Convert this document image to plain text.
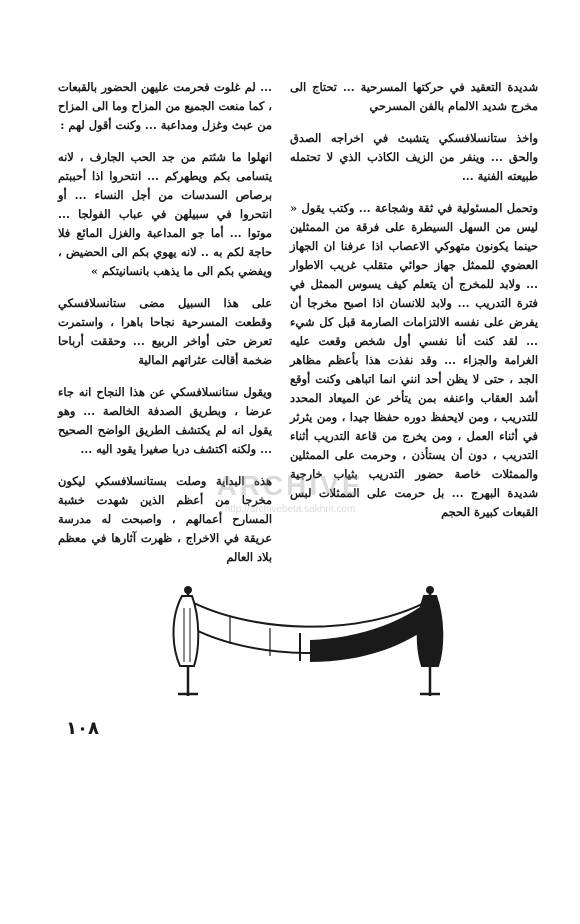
شديدة التعقيد في حركتها المسرحية ... تحتاج الى مخرج شديد الالمام بالفن المسرحي

واخذ ستانسلافسكي يتشبث في اخراجه الصدق والحق ... وينفر من الزيف الكاذب الذي لا تحتمله طبيعته الفنية ...

وتحمل المسئولية في ثقة وشجاعة ... وكتب يقول « ليس من السهل السيطرة على فرقة من الممثلين حينما يكونون متهوكي الاعصاب اذا عرفنا ان الجهاز العضوي للممثل جهاز حوائي متقلب غريب الاطوار ... ولابد للمخرج أن يتعلم كيف يسوس الممثل في فترة التدريب ... ولابد للانسان اذا اصبح مخرجا أن يفرض على نفسه الالتزامات الصارمة قبل كل شيء ... لقد كنت أنا نفسي أول شخص وقعت عليه الغرامة والجزاء ... وقد نفذت هذا بأعظم مظاهر الجد ، حتى لا يظن أحد انني انما اتباهى وكنت أوقع أشد العقاب واعنفه بمن يتأخر عن الميعاد المحدد للتدريب ، ومن لايحفظ دوره حفظا جيدا ، ومن يثرثر في أثناء العمل ، ومن يخرج من قاعة التدريب أثناء التدريب ، دون أن يستأذن ، وحرمت على الممثلين والممثلات خاصة حضور التدريب بثياب خارجية شديدة البهرج ... بل حرمت على الممثلات لبس القبعات كبيرة الحجم

... لم غلوت فحرمت عليهن الحضور بالقبعات ، كما منعت الجميع من المزاح وما الى المزاح من عبث وغزل ومداعبة ... وكنت أقول لهم :

انهلوا ما شئتم من جد الحب الجارف ، لانه يتسامى بكم ويطهركم ... انتحروا اذا أحببتم برصاص السدسات من أجل النساء ... أو انتحروا في سبيلهن في عباب الفولجا ... موتوا ... أما جو المداعبة والغزل المائع فلا حاجة لكم به .. لانه يهوي بكم الى الحضيض ، ويفضي بكم الى ما يذهب بانسانيتكم »

على هذا السبيل مضى ستانسلافسكي وقطعت المسرحية نجاحا باهرا ، واستمرت تعرض حتى أواخر الربيع ... وحققت أرباحا ضخمة أقالت عثراتهم المالية

ويقول ستانسلافسكي عن هذا النجاح انه جاء عرضا ، وبطريق الصدفة الخالصة ... وهو يقول انه لم يكتشف الطريق الواضح الصحيح ... ولكنه اكتشف دربا صغيرا يقود اليه ...

هذه البداية وصلت بستانسلافسكي ليكون مخرجا من أعظم الذين شهدت خشبة المسارح أعمالهم ، واصبحت له مدرسة عريقة في الاخراج ، ظهرت آثارها في معظم بلاد العالم

ARCHIVE
http://archivebeta.sakhrit.com
١٠٨
